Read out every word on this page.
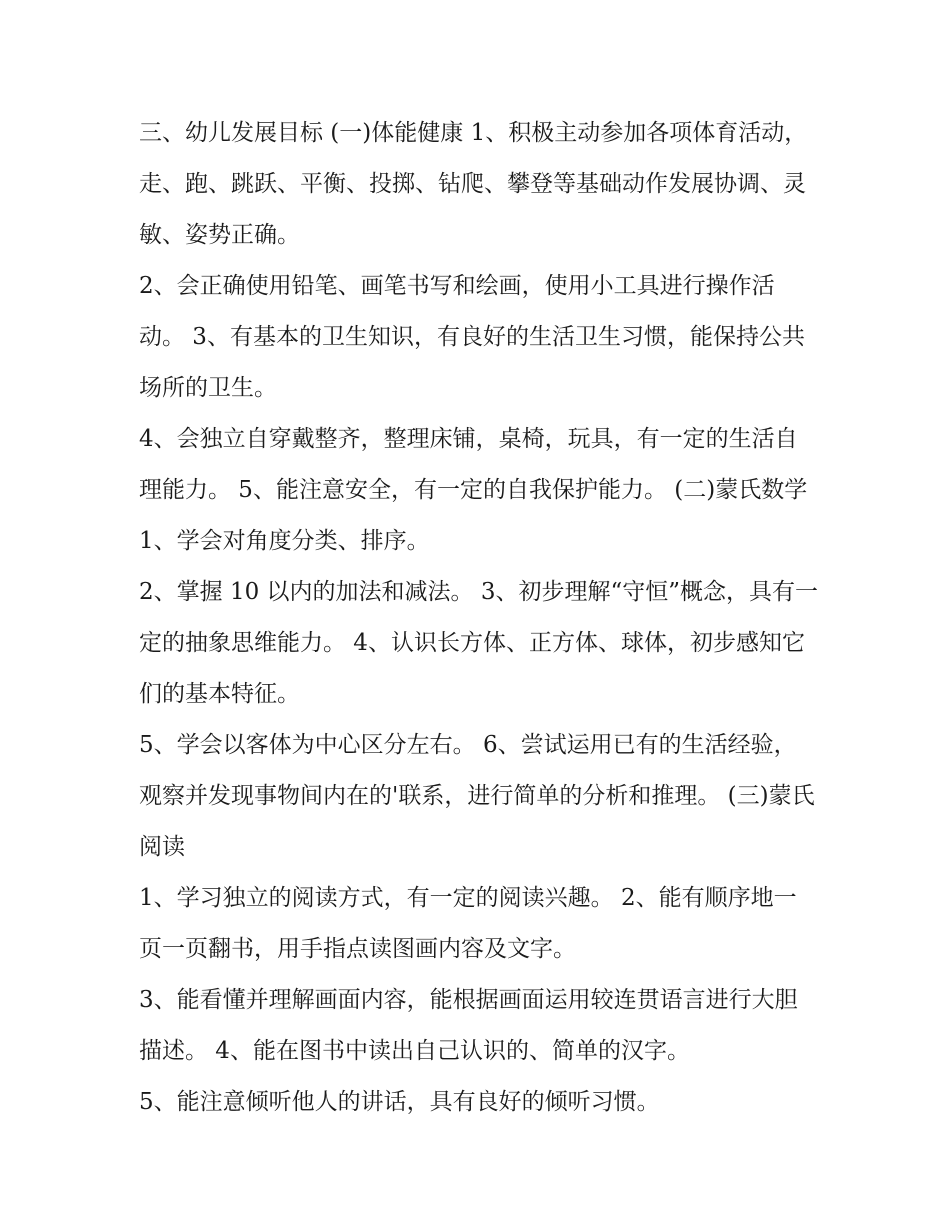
三、幼儿发展目标 (一)体能健康 1、积极主动参加各项体育活动，走、跑、跳跃、平衡、投掷、钻爬、攀登等基础动作发展协调、灵敏、姿势正确。

2、会正确使用铅笔、画笔书写和绘画，使用小工具进行操作活动。 3、有基本的卫生知识，有良好的生活卫生习惯，能保持公共场所的卫生。

4、会独立自穿戴整齐，整理床铺，桌椅，玩具，有一定的生活自理能力。 5、能注意安全，有一定的自我保护能力。 (二)蒙氏数学 1、学会对角度分类、排序。

2、掌握 10 以内的加法和减法。 3、初步理解“守恒”概念，具有一定的抽象思维能力。 4、认识长方体、正方体、球体，初步感知它们的基本特征。

5、学会以客体为中心区分左右。 6、尝试运用已有的生活经验，观察并发现事物间内在的'联系，进行简单的分析和推理。 (三)蒙氏阅读

1、学习独立的阅读方式，有一定的阅读兴趣。 2、能有顺序地一页一页翻书，用手指点读图画内容及文字。

3、能看懂并理解画面内容，能根据画面运用较连贯语言进行大胆描述。 4、能在图书中读出自己认识的、简单的汉字。

5、能注意倾听他人的讲话，具有良好的倾听习惯。
